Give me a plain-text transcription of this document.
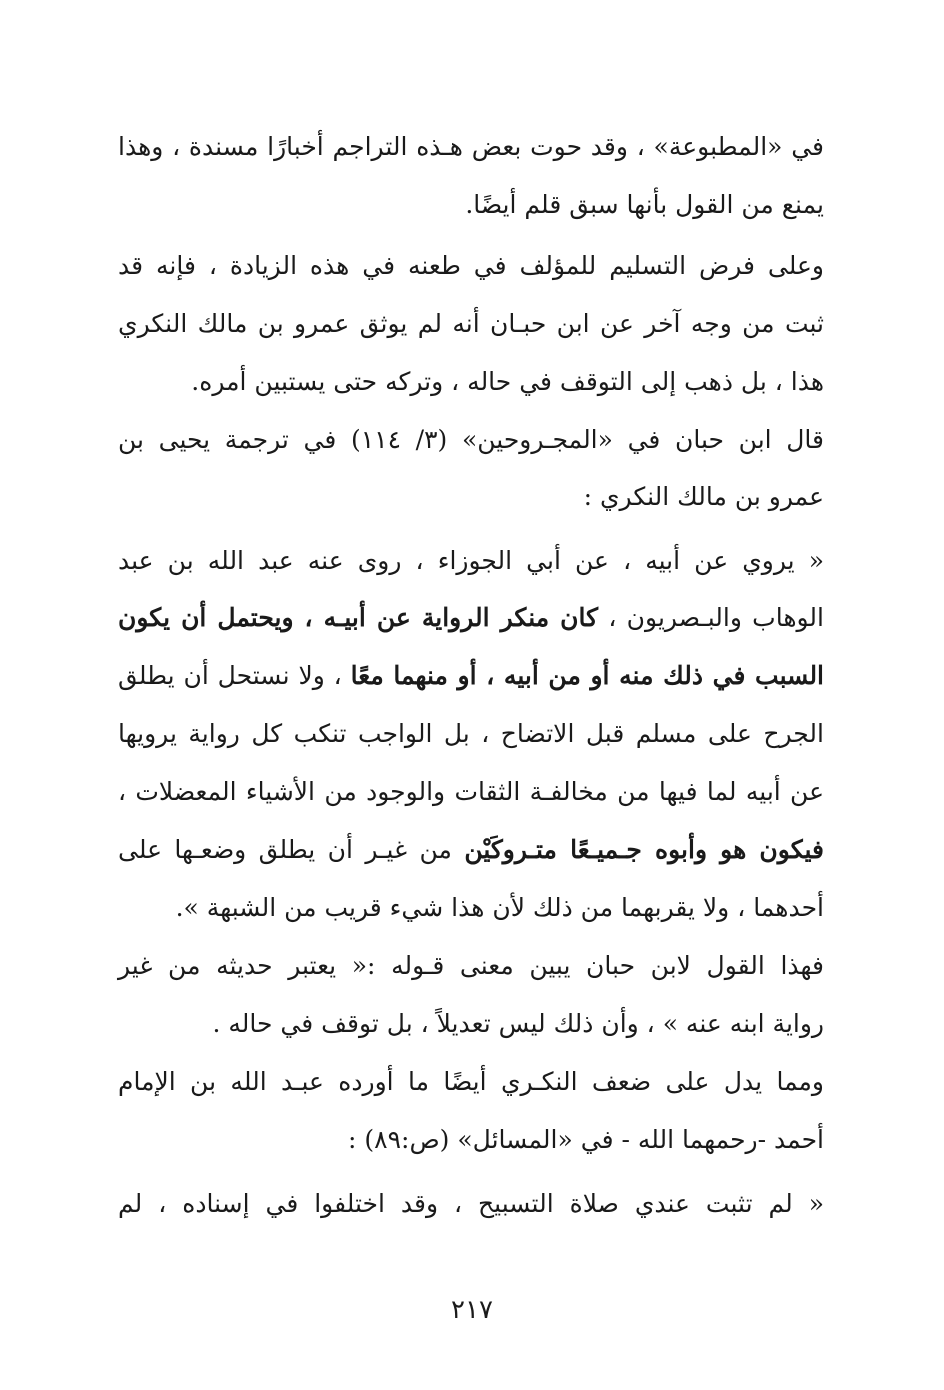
في «المطبوعة» ، وقد حوت بعض هـذه التراجم أخبارًا مسندة ، وهذا
يمنع من القول بأنها سبق قلم أيضًا.
وعلى فرض التسليم للمؤلف في طعنه في هذه الزيادة ، فإنه قد
ثبت من وجه آخر عن ابن حبـان أنه لم يوثق عمرو بن مالك النكري
هذا ، بل ذهب إلى التوقف في حاله ، وتركه حتى يستبين أمره.
قال ابن حبان في «المجـروحين» (٣/ ١١٤) في ترجمة يحيى بن
عمرو بن مالك النكري :
« يروي عن أبيه ، عن أبي الجوزاء ، روى عنه عبد الله بن عبد
الوهاب والبـصريون ، كان منكر الرواية عن أبيـه ، ويحتمل أن يكون
السبب في ذلك منه أو من أبيه ، أو منهما معًا ، ولا نستحل أن يطلق
الجرح على مسلم قبل الاتضاح ، بل الواجب تنكب كل رواية يرويها
عن أبيه لما فيها من مخالفـة الثقات والوجود من الأشياء المعضلات ،
فيكون هو وأبوه جـميـعًا متـروكَيْن من غيـر أن يطلق وضعـها على
أحدهما ، ولا يقربهما من ذلك لأن هذا شيء قريب من الشبهة ».
فهذا القول لابن حبان يبين معنى قـوله :« يعتبر حديثه من غير
رواية ابنه عنه » ، وأن ذلك ليس تعديلاً ، بل توقف في حاله .
ومما يدل على ضعف النكـري أيضًا ما أورده عبـد الله بن الإمام
أحمد -رحمهما الله - في «المسائل» (ص:٨٩) :
« لم تثبت عندي صلاة التسبيح ، وقد اختلفوا في إسناده ، لم
٢١٧
